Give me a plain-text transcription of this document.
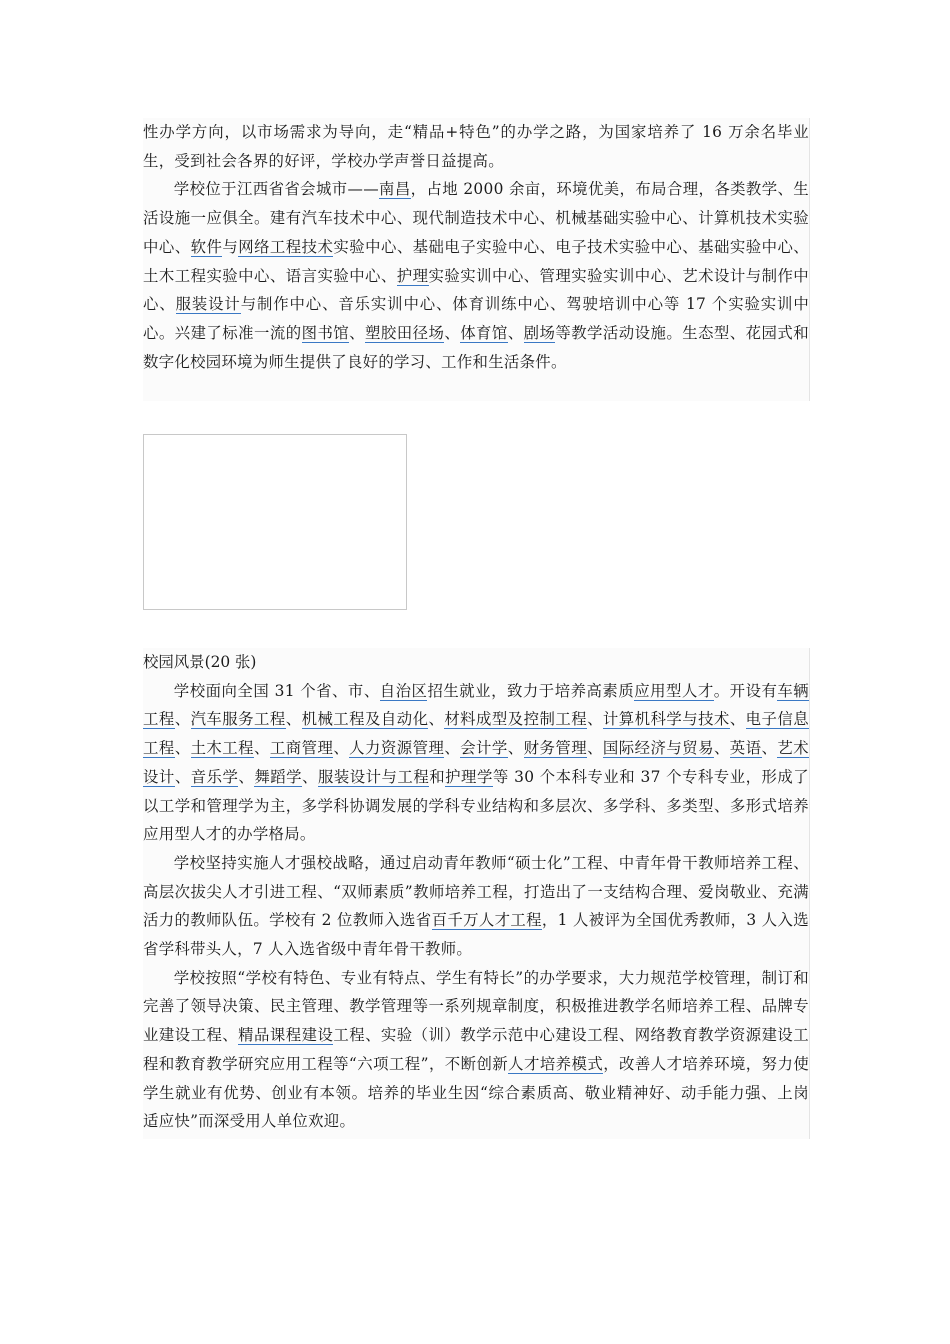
性办学方向，以市场需求为导向，走“精品+特色”的办学之路，为国家培养了 16 万余名毕业生，受到社会各界的好评，学校办学声誉日益提高。

学校位于江西省省会城市——南昌，占地 2000 余亩，环境优美，布局合理，各类教学、生活设施一应俱全。建有汽车技术中心、现代制造技术中心、机械基础实验中心、计算机技术实验中心、软件与网络工程技术实验中心、基础电子实验中心、电子技术实验中心、基础实验中心、土木工程实验中心、语言实验中心、护理实验实训中心、管理实验实训中心、艺术设计与制作中心、服装设计与制作中心、音乐实训中心、体育训练中心、驾驶培训中心等 17 个实验实训中心。兴建了标准一流的图书馆、塑胶田径场、体育馆、剧场等教学活动设施。生态型、花园式和数字化校园环境为师生提供了良好的学习、工作和生活条件。

校园风景(20 张)

学校面向全国 31 个省、市、自治区招生就业，致力于培养高素质应用型人才。开设有车辆工程、汽车服务工程、机械工程及自动化、材料成型及控制工程、计算机科学与技术、电子信息工程、土木工程、工商管理、人力资源管理、会计学、财务管理、国际经济与贸易、英语、艺术设计、音乐学、舞蹈学、服装设计与工程和护理学等 30 个本科专业和 37 个专科专业，形成了以工学和管理学为主，多学科协调发展的学科专业结构和多层次、多学科、多类型、多形式培养应用型人才的办学格局。

学校坚持实施人才强校战略，通过启动青年教师“硕士化”工程、中青年骨干教师培养工程、高层次拔尖人才引进工程、“双师素质”教师培养工程，打造出了一支结构合理、爱岗敬业、充满活力的教师队伍。学校有 2 位教师入选省百千万人才工程，1 人被评为全国优秀教师，3 人入选省学科带头人，7 人入选省级中青年骨干教师。

学校按照“学校有特色、专业有特点、学生有特长”的办学要求，大力规范学校管理，制订和完善了领导决策、民主管理、教学管理等一系列规章制度，积极推进教学名师培养工程、品牌专业建设工程、精品课程建设工程、实验（训）教学示范中心建设工程、网络教育教学资源建设工程和教育教学研究应用工程等“六项工程”，不断创新人才培养模式，改善人才培养环境，努力使学生就业有优势、创业有本领。培养的毕业生因“综合素质高、敬业精神好、动手能力强、上岗适应快”而深受用人单位欢迎。
